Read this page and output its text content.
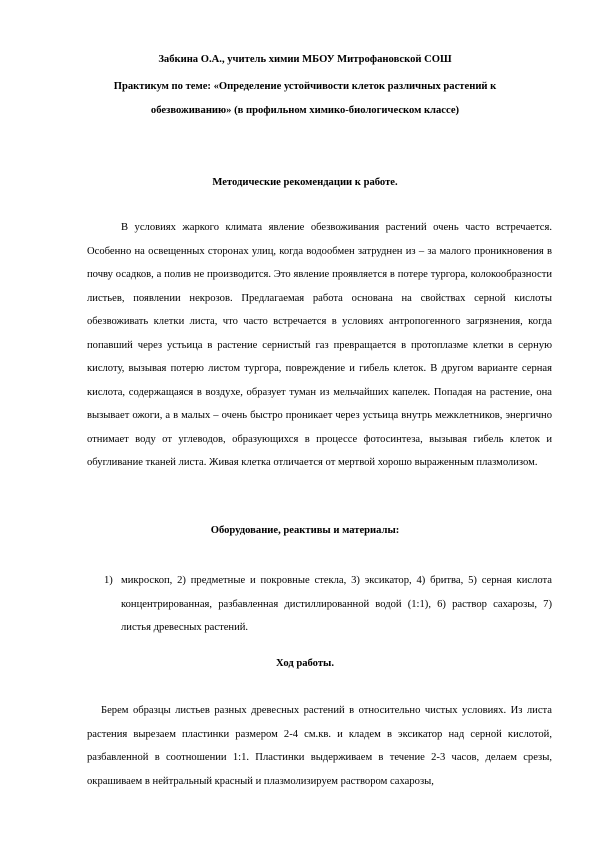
Забкина О.А., учитель химии МБОУ Митрофановской СОШ
Практикум по теме: «Определение устойчивости клеток различных растений к
обезвоживанию» (в профильном химико-биологическом классе)
Методические рекомендации к работе.

В условиях жаркого климата явление обезвоживания растений очень часто встречается. Особенно на освещенных сторонах улиц, когда водообмен затруднен из – за малого проникновения в почву осадков, а полив не производится. Это явление проявляется в потере тургора, колокообразности листьев, появлении некрозов. Предлагаемая работа основана на свойствах серной кислоты обезвоживать клетки листа, что часто встречается в условиях антропогенного загрязнения, когда попавший через устьица в растение сернистый газ превращается в протоплазме клетки в серную кислоту, вызывая потерю листом тургора, повреждение и гибель клеток. В другом варианте серная кислота, содержащаяся в воздухе, образует туман из мельчайших капелек. Попадая на растение, она вызывает ожоги, а в малых – очень быстро проникает через устьица внутрь межклетников, энергично отнимает воду от углеводов, образующихся в процессе фотосинтеза, вызывая гибель клеток и обугливание тканей листа. Живая клетка отличается от мертвой хорошо выраженным плазмолизом.

Оборудование, реактивы и материалы:
1) микроскоп, 2) предметные и покровные стекла, 3) эксикатор, 4) бритва, 5) серная кислота концентрированная, разбавленная дистиллированной водой (1:1), 6) раствор сахарозы, 7) листья древесных растений.

Ход работы.

Берем образцы листьев разных древесных растений в относительно чистых условиях. Из листа растения вырезаем пластинки размером 2-4 см.кв. и кладем в эксикатор над серной кислотой, разбавленной в соотношении 1:1. Пластинки выдерживаем в течение 2-3 часов, делаем срезы, окрашиваем в нейтральный красный и плазмолизируем раствором сахарозы,
